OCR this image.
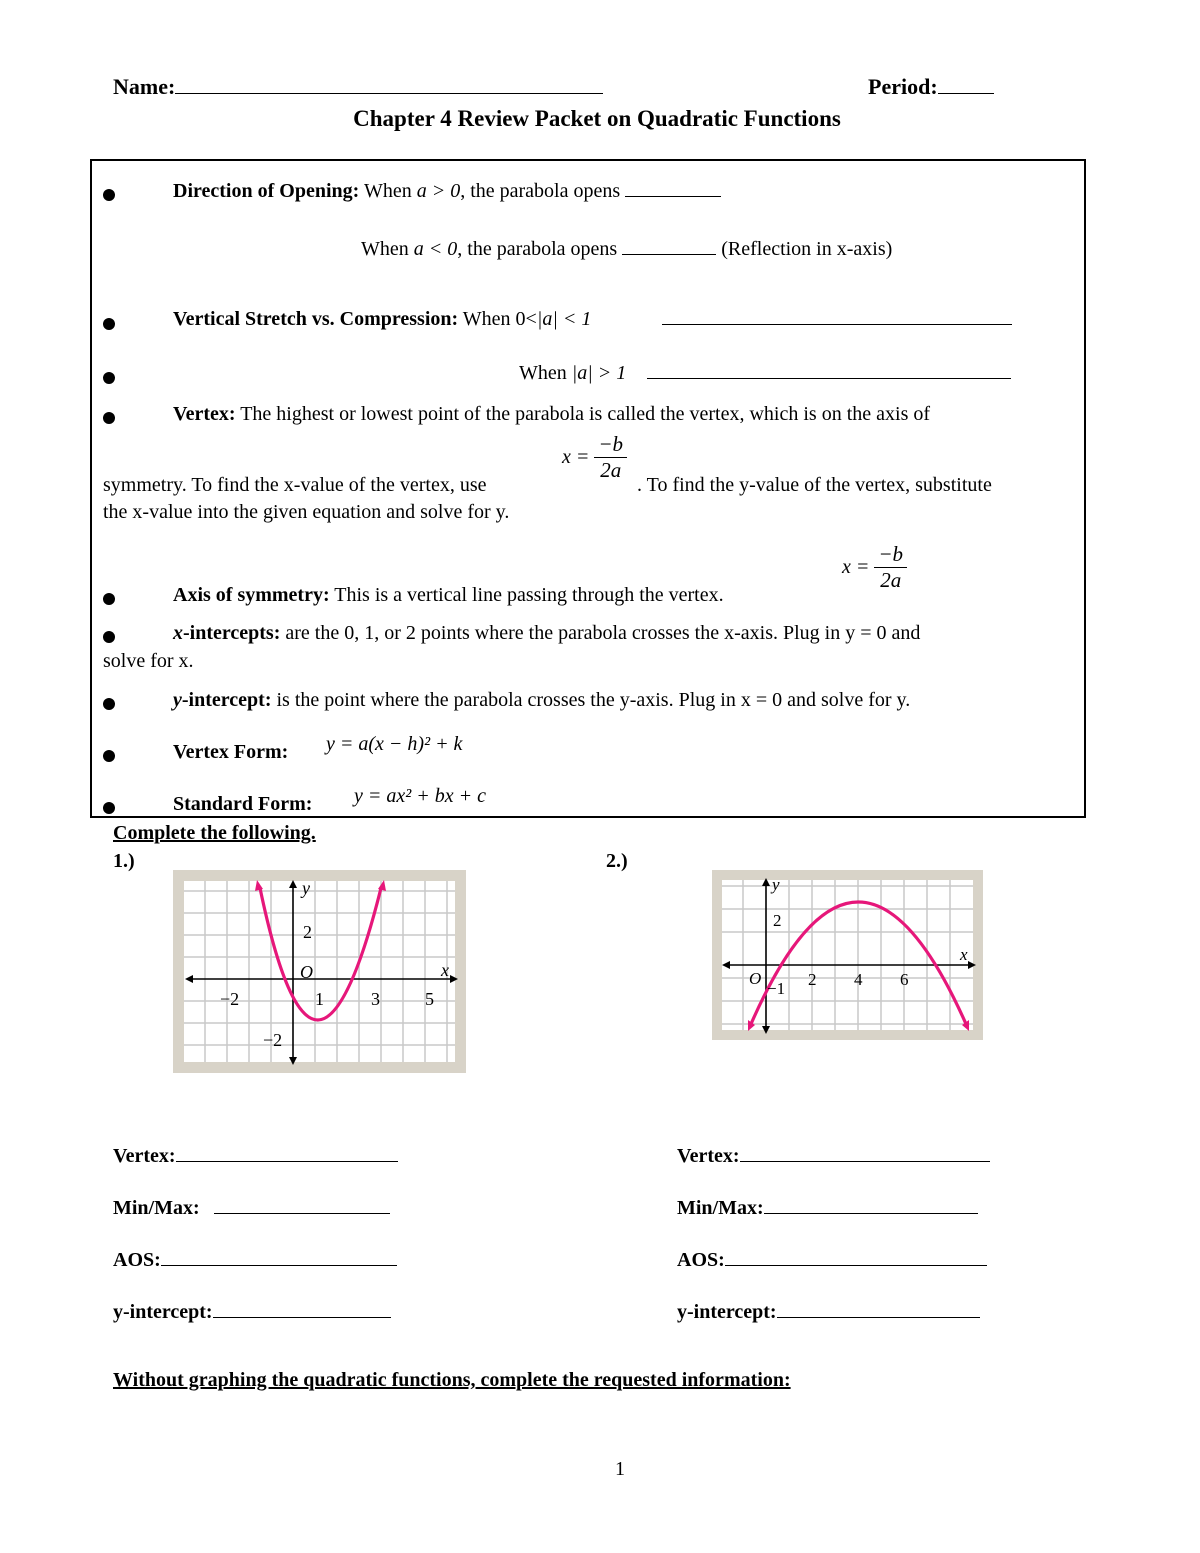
Name:	Period:
Chapter 4 Review Packet on Quadratic Functions
Direction of Opening: When a > 0, the parabola opens
When a < 0, the parabola opens	(Reflection in x-axis)
Vertical Stretch vs. Compression: When 0<|a| < 1
When |a| > 1
Vertex: The highest or lowest point of the parabola is called the vertex, which is on the axis of
$x = \frac{-b}{2a}$
symmetry. To find the x-value of the vertex, use	. To find the y-value of the vertex, substitute
the x-value into the given equation and solve for y.
Axis of symmetry: This is a vertical line passing through the vertex.
$x = \frac{-b}{2a}$
x-intercepts: are the 0, 1, or 2 points where the parabola crosses the x-axis. Plug in y = 0 and
solve for x.
y-intercept: is the point where the parabola crosses the y-axis. Plug in x = 0 and solve for y.
Vertex Form: y = a(x − h)² + k
Standard Form: y = ax² + bx + c
Complete the following.
1.)	2.)
y
x
O
2
−2
−2	1	3	5
y
x
O
2
−1 2 4 6
Vertex:
Min/Max:
AOS:
y-intercept:
Vertex:
Min/Max:
AOS:
y-intercept:
Without graphing the quadratic functions, complete the requested information:
1
